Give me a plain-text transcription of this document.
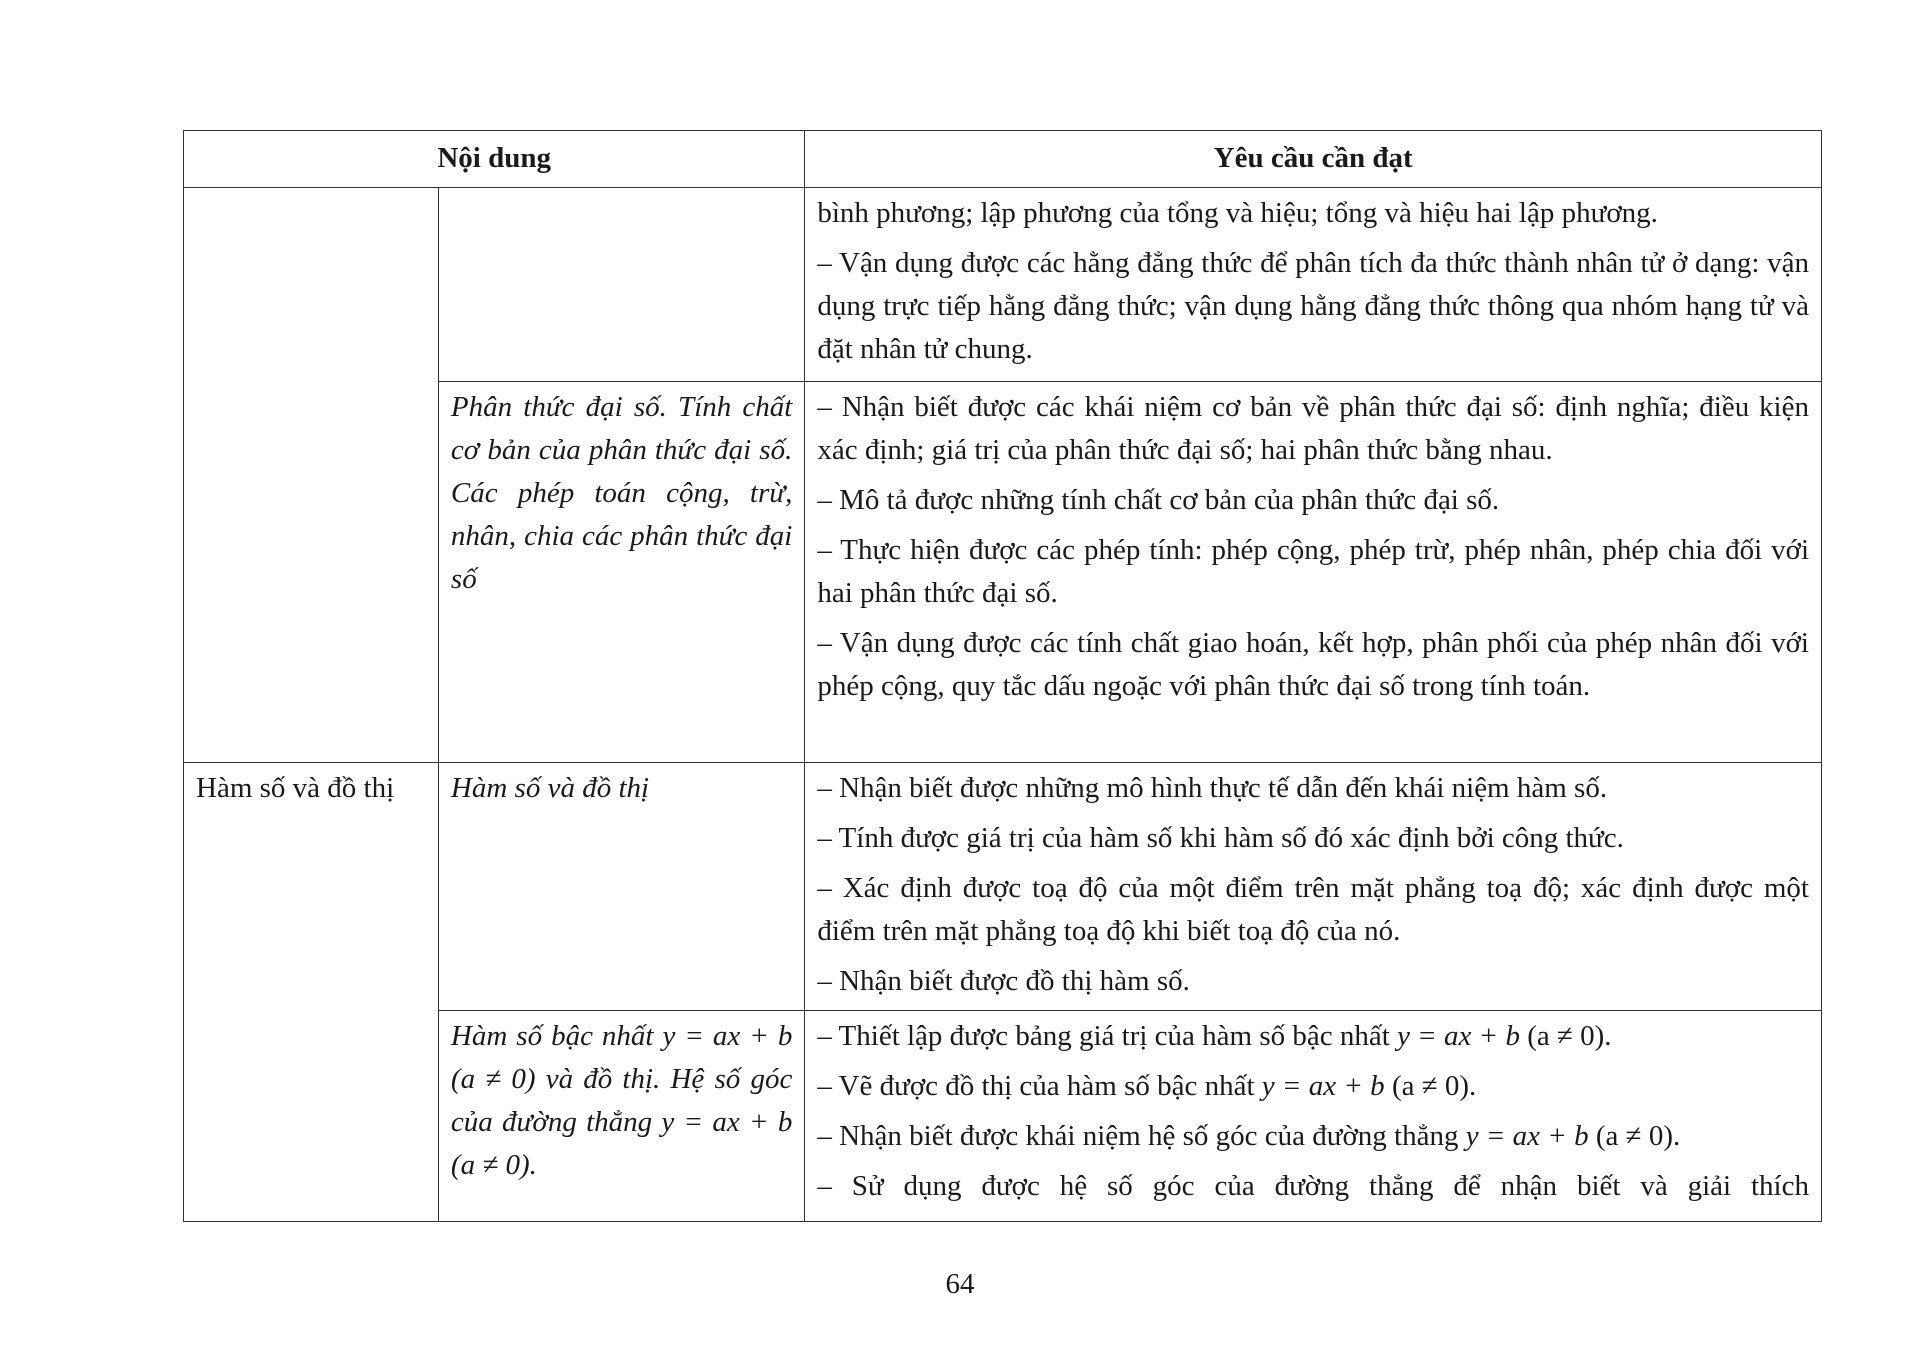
Nội dung		Yêu cầu cần đạt

		bình phương; lập phương của tổng và hiệu; tổng và hiệu hai lập phương.

– Vận dụng được các hằng đẳng thức để phân tích đa thức thành nhân tử ở dạng: vận dụng trực tiếp hằng đẳng thức; vận dụng hằng đẳng thức thông qua nhóm hạng tử và đặt nhân tử chung.

	Phân thức đại số. Tính chất cơ bản của phân thức đại số. Các phép toán cộng, trừ, nhân, chia các phân thức đại số	– Nhận biết được các khái niệm cơ bản về phân thức đại số: định nghĩa; điều kiện xác định; giá trị của phân thức đại số; hai phân thức bằng nhau.

– Mô tả được những tính chất cơ bản của phân thức đại số.

– Thực hiện được các phép tính: phép cộng, phép trừ, phép nhân, phép chia đối với hai phân thức đại số.

– Vận dụng được các tính chất giao hoán, kết hợp, phân phối của phép nhân đối với phép cộng, quy tắc dấu ngoặc với phân thức đại số trong tính toán.

Hàm số và đồ thị	Hàm số và đồ thị	– Nhận biết được những mô hình thực tế dẫn đến khái niệm hàm số.

– Tính được giá trị của hàm số khi hàm số đó xác định bởi công thức.

– Xác định được toạ độ của một điểm trên mặt phẳng toạ độ; xác định được một điểm trên mặt phẳng toạ độ khi biết toạ độ của nó.

– Nhận biết được đồ thị hàm số.

	Hàm số bậc nhất y = ax + b (a ≠ 0) và đồ thị. Hệ số góc của đường thẳng y = ax + b (a ≠ 0).	– Thiết lập được bảng giá trị của hàm số bậc nhất y = ax + b (a ≠ 0).

– Vẽ được đồ thị của hàm số bậc nhất y = ax + b (a ≠ 0).

– Nhận biết được khái niệm hệ số góc của đường thẳng y = ax + b (a ≠ 0).

– Sử dụng được hệ số góc của đường thẳng để nhận biết và giải thích

64
